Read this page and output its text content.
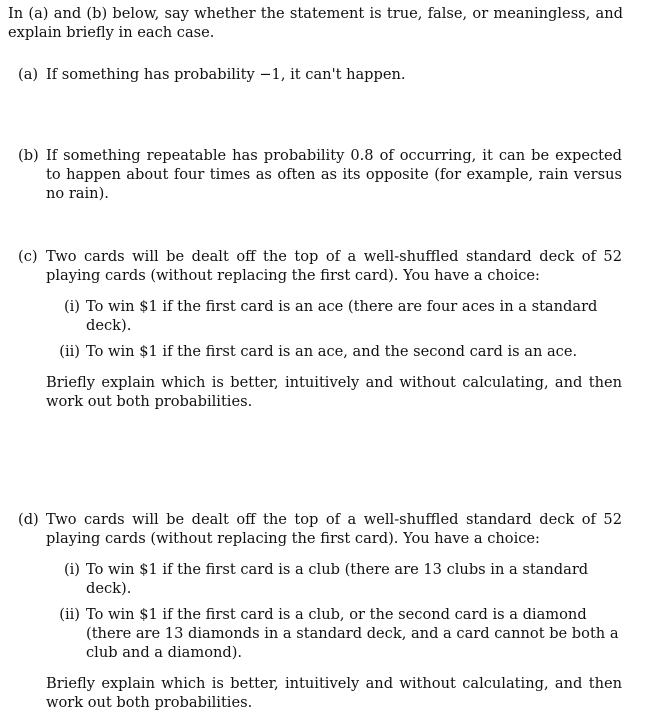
In (a) and (b) below, say whether the statement is true, false, or meaningless, and explain briefly in each case.
(a) If something has probability −1, it can't happen.
(b) If something repeatable has probability 0.8 of occurring, it can be expected to happen about four times as often as its opposite (for example, rain versus no rain).
(c) Two cards will be dealt off the top of a well-shuffled standard deck of 52 playing cards (without replacing the first card). You have a choice:
(i) To win $1 if the first card is an ace (there are four aces in a standard deck).
(ii) To win $1 if the first card is an ace, and the second card is an ace.
Briefly explain which is better, intuitively and without calculating, and then work out both probabilities.
(d) Two cards will be dealt off the top of a well-shuffled standard deck of 52 playing cards (without replacing the first card). You have a choice:
(i) To win $1 if the first card is a club (there are 13 clubs in a standard deck).
(ii) To win $1 if the first card is a club, or the second card is a diamond (there are 13 diamonds in a standard deck, and a card cannot be both a club and a diamond).
Briefly explain which is better, intuitively and without calculating, and then work out both probabilities.
